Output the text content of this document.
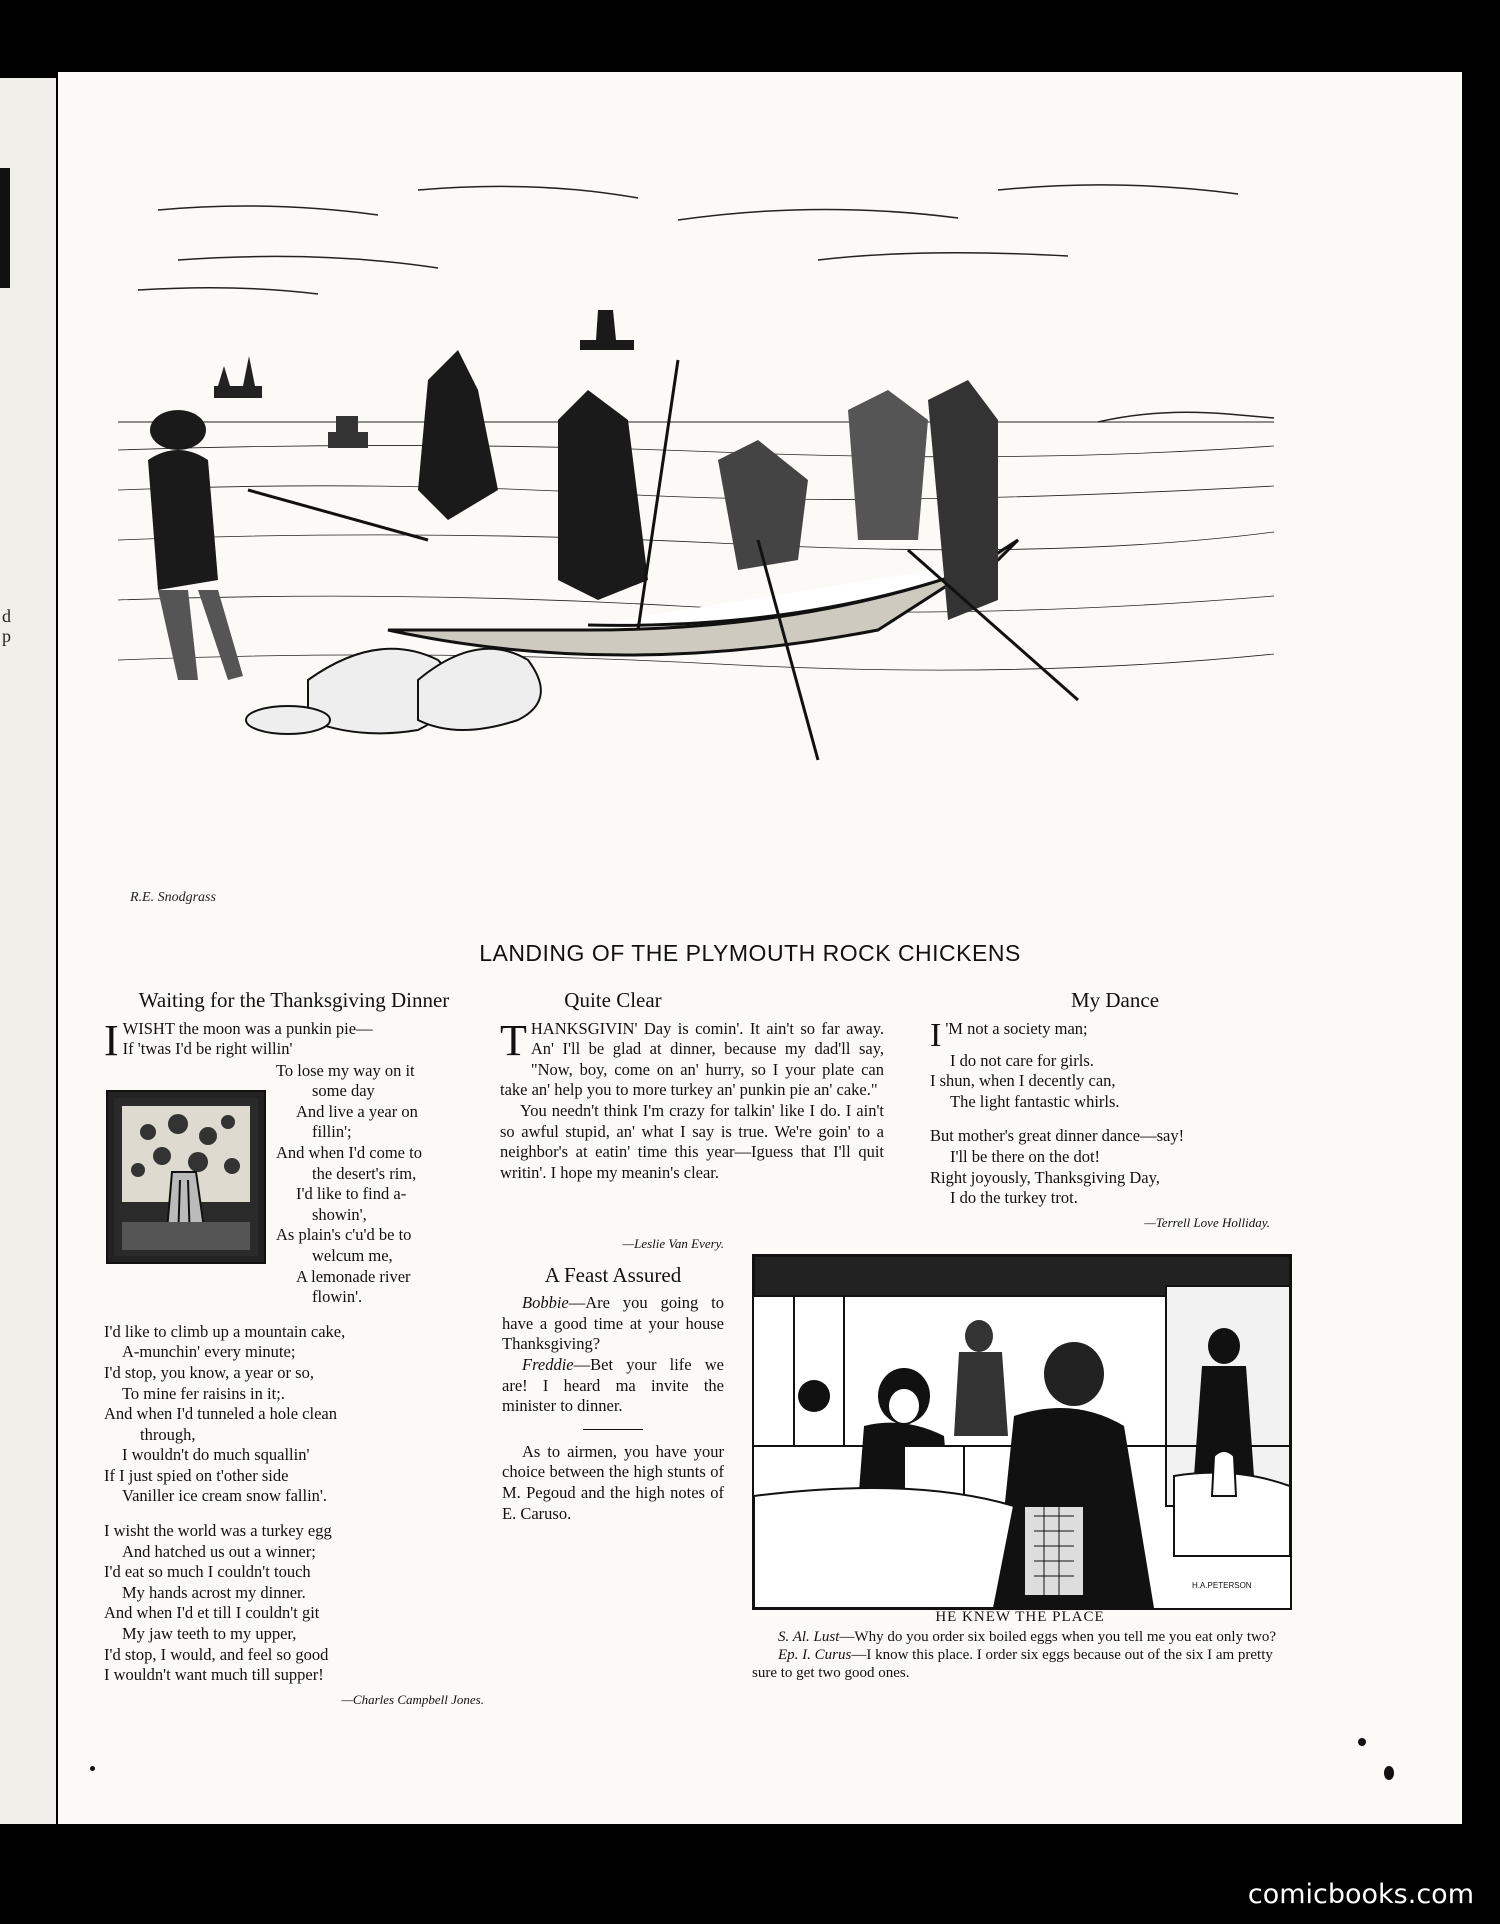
d
p
R.E. Snodgrass
LANDING OF THE PLYMOUTH ROCK CHICKENS
Waiting for the Thanksgiving Dinner
I WISHT the moon was a punkin pie—

If 'twas I'd be right willin'

To lose my way on it

some day

And live a year on

fillin';

And when I'd come to

the desert's rim,

I'd like to find a-

showin',

As plain's c'u'd be to

welcum me,

A lemonade river

flowin'.

I'd like to climb up a mountain cake,

A-munchin' every minute;

I'd stop, you know, a year or so,

To mine fer raisins in it;.

And when I'd tunneled a hole clean

through,

I wouldn't do much squallin'

If I just spied on t'other side

Vaniller ice cream snow fallin'.

I wisht the world was a turkey egg

And hatched us out a winner;

I'd eat so much I couldn't touch

My hands acrost my dinner.

And when I'd et till I couldn't git

My jaw teeth to my upper,

I'd stop, I would, and feel so good

I wouldn't want much till supper!

—Charles Campbell Jones.
Quite Clear

THANKSGIVIN' Day is comin'. It ain't so far away. An' I'll be glad at dinner, because my dad'll say, "Now, boy, come on an' hurry, so I your plate can take an' help you to more turkey an' punkin pie an' cake."

You needn't think I'm crazy for talkin' like I do. I ain't so awful stupid, an' what I say is true. We're goin' to a neighbor's at eatin' time this year—Iguess that I'll quit writin'. I hope my meanin's clear.

—Leslie Van Every.
A Feast Assured

Bobbie—Are you going to have a good time at your house Thanksgiving?

Freddie—Bet your life we are! I heard ma invite the minister to dinner.

As to airmen, you have your choice between the high stunts of M. Pegoud and the high notes of E. Caruso.

My Dance

I 'M not a society man;

I do not care for girls.

I shun, when I decently can,

The light fantastic whirls.

But mother's great dinner dance—say!

I'll be there on the dot!

Right joyously, Thanksgiving Day,

I do the turkey trot.

—Terrell Love Holliday.
H.A.PETERSON
HE KNEW THE PLACE

S. Al. Lust—Why do you order six boiled eggs when you tell me you eat only two?

Ep. I. Curus—I know this place. I order six eggs because out of the six I am pretty sure to get two good ones.

comicbooks.com
